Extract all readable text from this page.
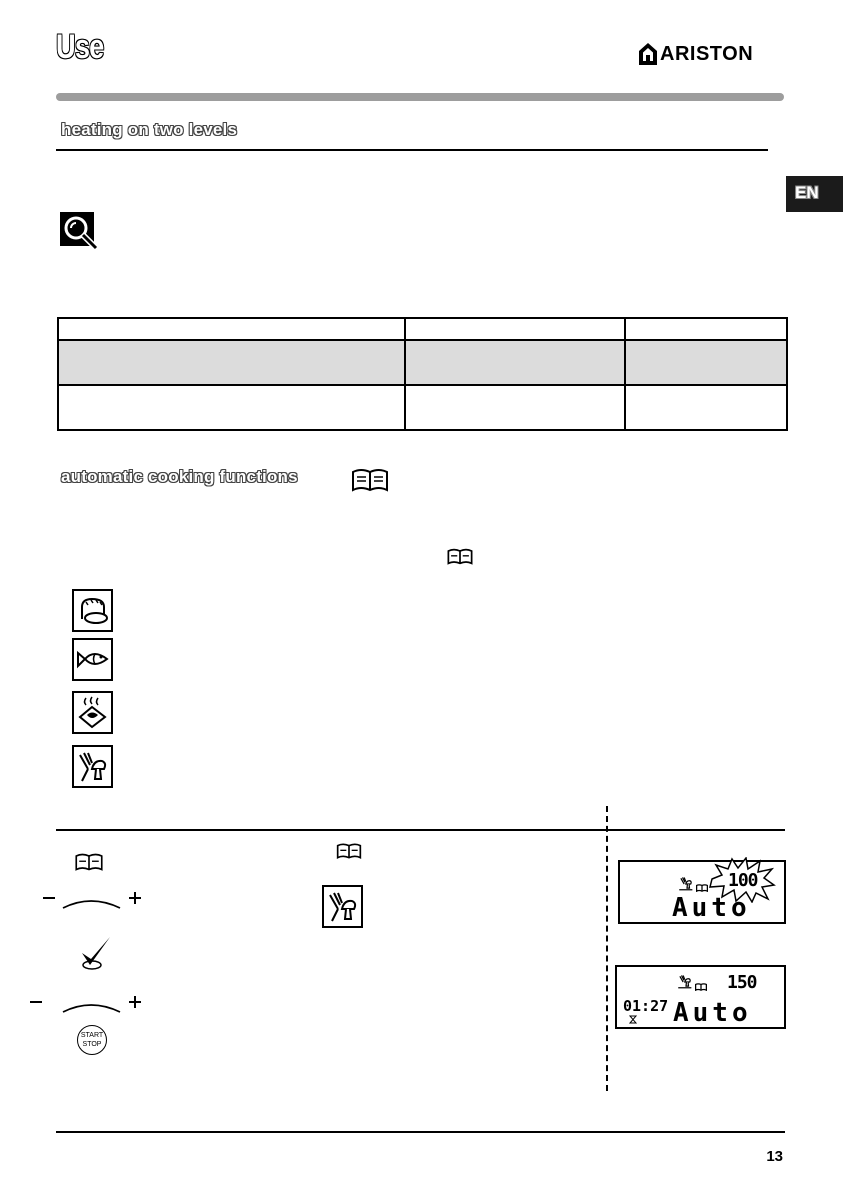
Use	ARISTON
heating on two levels
EN

automatic cooking functions
START
STOP
100
Auto
150
01:27 Auto
13
